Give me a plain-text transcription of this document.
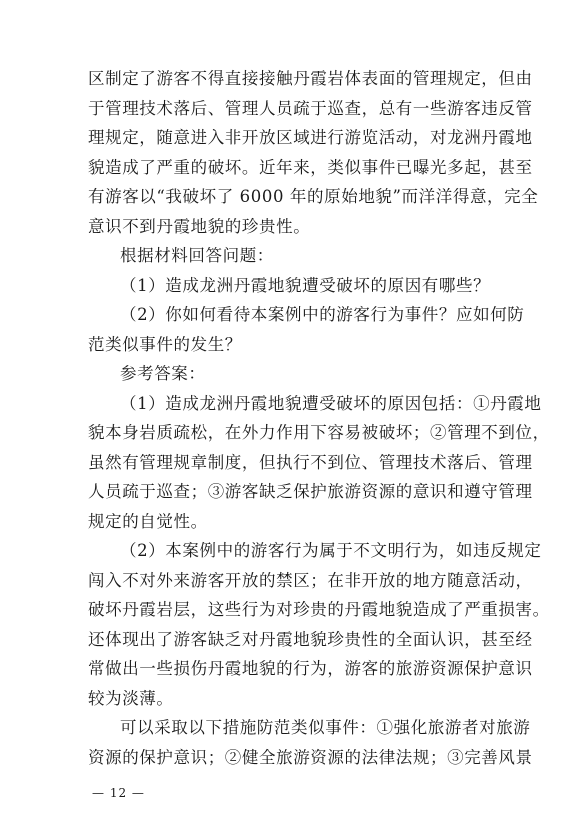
区制定了游客不得直接接触丹霞岩体表面的管理规定，但由
于管理技术落后、管理人员疏于巡查，总有一些游客违反管
理规定，随意进入非开放区域进行游览活动，对龙洲丹霞地
貌造成了严重的破坏。近年来，类似事件已曝光多起，甚至
有游客以“我破坏了 6000 年的原始地貌”而洋洋得意，完全
意识不到丹霞地貌的珍贵性。
根据材料回答问题：
（1）造成龙洲丹霞地貌遭受破坏的原因有哪些？
（2）你如何看待本案例中的游客行为事件？应如何防
范类似事件的发生？
参考答案：
（1）造成龙洲丹霞地貌遭受破坏的原因包括：①丹霞地
貌本身岩质疏松，在外力作用下容易被破坏；②管理不到位，
虽然有管理规章制度，但执行不到位、管理技术落后、管理
人员疏于巡查；③游客缺乏保护旅游资源的意识和遵守管理
规定的自觉性。
（2）本案例中的游客行为属于不文明行为，如违反规定
闯入不对外来游客开放的禁区；在非开放的地方随意活动，
破坏丹霞岩层，这些行为对珍贵的丹霞地貌造成了严重损害。
还体现出了游客缺乏对丹霞地貌珍贵性的全面认识，甚至经
常做出一些损伤丹霞地貌的行为，游客的旅游资源保护意识
较为淡薄。
可以采取以下措施防范类似事件：①强化旅游者对旅游
资源的保护意识；②健全旅游资源的法律法规；③完善风景
— 12 —
